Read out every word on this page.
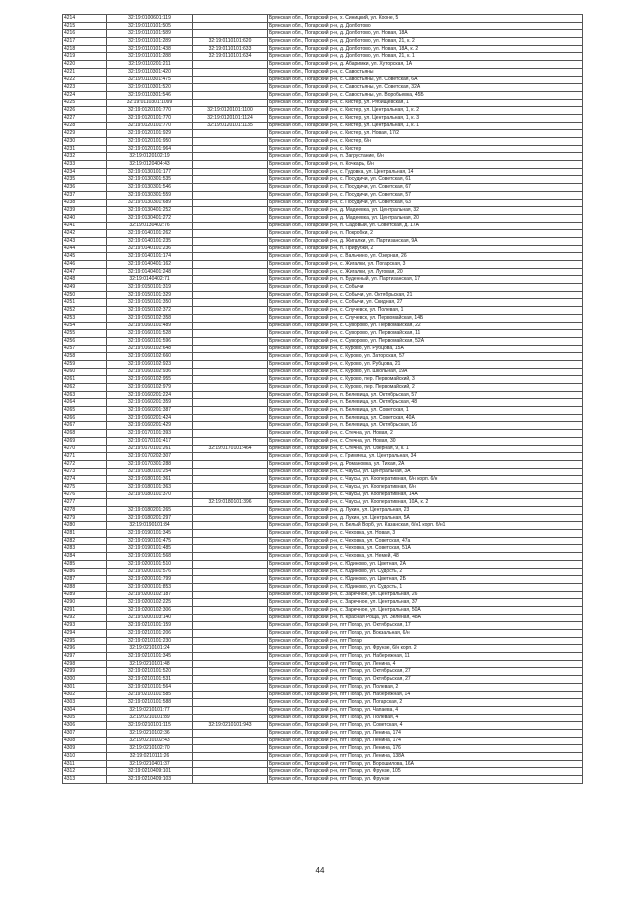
4214	32:19:0100601:119		Брянская обл., Погарский р-н, х. Синицкий, ул. Кооне, 5
4215	32:19:0110101:505		Брянская обл., Погарский р-н, д. Долботово
4216	32:19:0110101:589		Брянская обл., Погарский р-н, д. Долботово, ул. Новая, 18А
4217	32:19:0110101:289	32:19:0110101:620	Брянская обл., Погарский р-н, д. Долботово, ул. Новая, 21, к. 2
4218	32:19:0110101:438	32:19:0110101:633	Брянская обл., Погарский р-н, д. Долботово, ул. Новая, 18А, к. 2
4219	32:19:0110101:288	32:19:0110101:634	Брянская обл., Погарский р-н, д. Долботово, ул. Новая, 21, к. 1
4220	32:19:0110201:211		Брянская обл., Погарский р-н, д. Абаримки, ул. Хуторская, 1А
4221	32:19:0110301:420		Брянская обл., Погарский р-н, с. Савостьяны
4222	32:19:0110301:475		Брянская обл., Погарский р-н, с. Савостьяны, ул. Советская, 6А
4223	32:19:0110301:520		Брянская обл., Погарский р-н, с. Савостьяны, ул. Советская, 32А
4224	32:19:0110301:546		Брянская обл., Погарский р-н, с. Савостьяны, ул. Воробьевка, 45Б
4225	32:19:0110301:1099		Брянская обл., Погарский р-н, с. Кистер, ул. Рябищевская, 1
4226	32:19:0120101:770	32:19:0120101:1100	Брянская обл., Погарский р-н, с. Кистер, ул. Центральная, 1, к. 2
4227	32:19:0120101:770	32:19:0120101:1124	Брянская обл., Погарский р-н, с. Кистер, ул. Центральная, 1, к. 3
4228	32:19:0120101:770	32:19:0120101:1135	Брянская обл., Погарский р-н, с. Кистер, ул. Центральная, 1, к. 1
4229	32:19:0120101:929		Брянская обл., Погарский р-н, с. Кистер, ул. Новая, 17/2
4230	32:19:0120101:950		Брянская обл., Погарский р-н, с. Кистер, 6/н
4231	32:19:0120101:964		Брянская обл., Погарский р-н, с. Кистер
4232	32:19:0120102:19		Брянская обл., Погарский р-н, п. Загрустание, 6/н
4233	32:19:0120404:43		Брянская обл., Погарский р-н, п. Кочкарь, 6/н
4234	32:19:0130101:177		Брянская обл., Погарский р-н, с. Гудовка, ул. Центральная, 14
4235	32:19:0130301:535		Брянская обл., Погарский р-н, с. Посудичи, ул. Советская, 61
4236	32:19:0130301:546		Брянская обл., Погарский р-н, с. Посудичи, ул. Советская, 67
4237	32:19:0130301:559		Брянская обл., Погарский р-н, с. Посудичи, ул. Советская, 57
4238	32:19:0130301:689		Брянская обл., Погарский р-н, с. Посудичи, ул. Советская, 63
4239	32:19:0130401:252		Брянская обл., Погарский р-н, д. Мадеевка, ул. Центральная, 32
4240	32:19:0130401:272		Брянская обл., Погарский р-н, д. Мадеевка, ул. Центральная, 20
4241	32:19:0130402:76		Брянская обл., Погарский р-н, п. Садовый, ул. Советская, д. 17А
4242	32:19:0140101:262		Брянская обл., Погарский р-н, п. Покробки, 2
4243	32:19:0140101:235		Брянская обл., Погарский р-н, д. Жигалки, ул. Партизанская, 9А
4244	32:19:0140101:236		Брянская обл., Погарский р-н, п. Прирубки, 2
4245	32:19:0140101:174		Брянская обл., Погарский р-н, с. Вальчино, ул. Озерная, 26
4246	32:19:0140401:162		Брянская обл., Погарский р-н, с. Жигалки, ул. Погарская, 3
4247	32:19:0140401:248		Брянская обл., Погарский р-н, с. Жигалки, ул. Луговая, 20
4248	32:19:0140402:71		Брянская обл., Погарский р-н, п. Буденный, ул. Партизанская, 17
4249	32:19:0150101:319		Брянская обл., Погарский р-н, с. Собычи
4250	32:19:0150101:329		Брянская обл., Погарский р-н, с. Собычи, ул. Октябрьская, 21
4251	32:19:0150101:350		Брянская обл., Погарский р-н, с. Собычи, ул. Скидная, 27
4252	32:19:0150102:372		Брянская обл., Погарский р-н, с. Случевск, ул. Полевая, 1
4253	32:19:0150102:358		Брянская обл., Погарский р-н, с. Случевск, ул. Первомайская, 14Б
4254	32:19:0160101:489		Брянская обл., Погарский р-н, с. Суворово, ул. Первомайская, 22
4255	32:19:0160101:528		Брянская обл., Погарский р-н, с. Суворово, ул. Первомайская, 11
4256	32:19:0160101:596		Брянская обл., Погарский р-н, с. Суворово, ул. Первомайская, 52А
4257	32:19:0160102:648		Брянская обл., Погарский р-н, с. Курово, ул. Рубцова, 15А
4258	32:19:0160102:660		Брянская обл., Погарский р-н, с. Курово, ул. Заторская, 57
4259	32:19:0160102:923		Брянская обл., Погарский р-н, с. Курово, ул. Рубцова, 21
4260	32:19:0160102:936		Брянская обл., Погарский р-н, с. Курово, ул. Школьная, 19А
4261	32:19:0160102:955		Брянская обл., Погарский р-н, с. Курово, пер. Первомайский, 3
4262	32:19:0160102:979		Брянская обл., Погарский р-н, с. Курово, пер. Первомайский, 2
4263	32:19:0160201:224		Брянская обл., Погарский р-н, п. Белевица, ул. Октябрьская, 57
4264	32:19:0160201:359		Брянская обл., Погарский р-н, п. Белевица, ул. Октябрьская, 48
4265	32:19:0160201:387		Брянская обл., Погарский р-н, п. Белевица, ул. Советская, 1
4266	32:19:0160201:424		Брянская обл., Погарский р-н, п. Белевица, ул. Советская, 40А
4267	32:19:0160201:429		Брянская обл., Погарский р-н, п. Белевица, ул. Октябрьская, 16
4268	32:19:0170101:393		Брянская обл., Погарский р-н, с. Стечна, ул. Новая, 2
4269	32:19:0170101:417		Брянская обл., Погарский р-н, с. Стечна, ул. Новая, 30
4270	32:19:0170101:261	32:19:0170101:464	Брянская обл., Погарский р-н, с. Стечна, ул. Озерная, 9, к. 1
4271	32:19:0170202:307		Брянская обл., Погарский р-н, с. Гримяеш, ул. Центральная, 34
4272	32:19:0170301:288		Брянская обл., Погарский р-н, д. Романовка, ул. Тихая, 2А
4273	32:19:0180101:254		Брянская обл., Погарский р-н, с. Чаусы, ул. Центральная, 3А
4274	32:19:0180101:361		Брянская обл., Погарский р-н, с. Чаусы, ул. Кооперативная, 6/н корп. 6/н
4275	32:19:0180101:363		Брянская обл., Погарский р-н, с. Чаусы, ул. Кооперативная, 6/н
4276	32:19:0180101:370		Брянская обл., Погарский р-н, с. Чаусы, ул. Кооперативная, 14А
4277		32:19:0180101:396	Брянская обл., Погарский р-н, с. Чаусы, ул. Кооперативная, 10А, к. 2
4278	32:19:0180201:265		Брянская обл., Погарский р-н, д. Лукин, ул. Центральная, 23
4279	32:19:0180201:297		Брянская обл., Погарский р-н, д. Лукин, ул. Центральная, 5А
4280	32:19:0190101:84		Брянская обл., Погарский р-н, п. Белый Ворб, ул. Казанская, б/н1 корп. б/н1
4281	32:19:0190101:345		Брянская обл., Погарский р-н, с. Чеховка, ул. Новая, 3
4282	32:19:0190101:475		Брянская обл., Погарский р-н, с. Чеховка, ул. Советская, 47а
4283	32:19:0190101:485		Брянская обл., Погарский р-н, с. Чеховка, ул. Советская, 51А
4284	32:19:0190101:568		Брянская обл., Погарский р-н, с. Чеховка, ул. Немей, 48
4285	32:19:0200101:510		Брянская обл., Погарский р-н, с. Юдиново, ул. Цветная, 2А
4286	32:19:0200101:576		Брянская обл., Погарский р-н, с. Юдиново, ул. Судость, 2
4287	32:19:0200101:799		Брянская обл., Погарский р-н, с. Юдиново, ул. Цветная, 2Б
4288	32:19:0200101:853		Брянская обл., Погарский р-н, с. Юдиново, ул. Судость, 1
4289	32:19:0200102:187		Брянская обл., Погарский р-н, с. Заречное, ул. Центральная, 26
4290	32:19:0200102:225		Брянская обл., Погарский р-н, с. Заречное, ул. Центральная, 37
4291	32:19:0200102:306		Брянская обл., Погарский р-н, с. Заречное, ул. Центральная, 50А
4292	32:19:0200103:140		Брянская обл., Погарский р-н, п. Красная Роща, ул. Зеленая, 48А
4293	32:19:0210101:159		Брянская обл., Погарский р-н, пгт Погар, ул. Октябрьская, 17
4294	32:19:0210101:206		Брянская обл., Погарский р-н, пгт Погар, ул. Вокзальная, 6/н
4295	32:19:0210101:230		Брянская обл., Погарский р-н, пгт Погар
4296	32:19:0210101:24		Брянская обл., Погарский р-н, пгт Погар, ул. Фрунзе, 6/н корп. 2
4297	32:19:0210101:345		Брянская обл., Погарский р-н, пгт Погар, ул. Набережная, 11
4298	32:19:0210101:48		Брянская обл., Погарский р-н, пгт Погар, ул. Ленина, 4
4299	32:19:0210101:520		Брянская обл., Погарский р-н, пгт Погар, ул. Октябрьская, 27
4300	32:19:0210101:531		Брянская обл., Погарский р-н, пгт Погар, ул. Октябрьская, 27
4301	32:19:0210101:564		Брянская обл., Погарский р-н, пгт Погар, ул. Полевая, 2
4302	32:19:0210101:585		Брянская обл., Погарский р-н, пгт Погар, ул. Набережная, 14
4303	32:19:0210101:588		Брянская обл., Погарский р-н, пгт Погар, ул. Погарская, 2
4304	32:19:0210101:77		Брянская обл., Погарский р-н, пгт Погар, ул. Чапаева, 4
4305	32:19:0210101:89		Брянская обл., Погарский р-н, пгт Погар, ул. Полевая, 4
4306	32:19:0210101:115	32:19:0210101:943	Брянская обл., Погарский р-н, пгт Погар, ул. Советская, 4
4307	32:19:0210102:36		Брянская обл., Погарский р-н, пгт Погар, ул. Ленина, 174
4308	32:19:0210102:43		Брянская обл., Погарский р-н, пгт Погар, ул. Ленина, 174
4309	32:19:0210102:70		Брянская обл., Погарский р-н, пгт Погар, ул. Ленина, 176
4310	32:19:0210111:26		Брянская обл., Погарский р-н, пгт Погар, ул. Ленина, 138А
4311	32:19:0210401:37		Брянская обл., Погарский р-н, пгт Погар, ул. Ворошилова, 16А
4312	32:19:0210409:101		Брянская обл., Погарский р-н, пгт Погар, ул. Фрунзе, 105
4313	32:19:0210409:103		Брянская обл., Погарский р-н, пгт Погар, ул. Фрунзе
44
